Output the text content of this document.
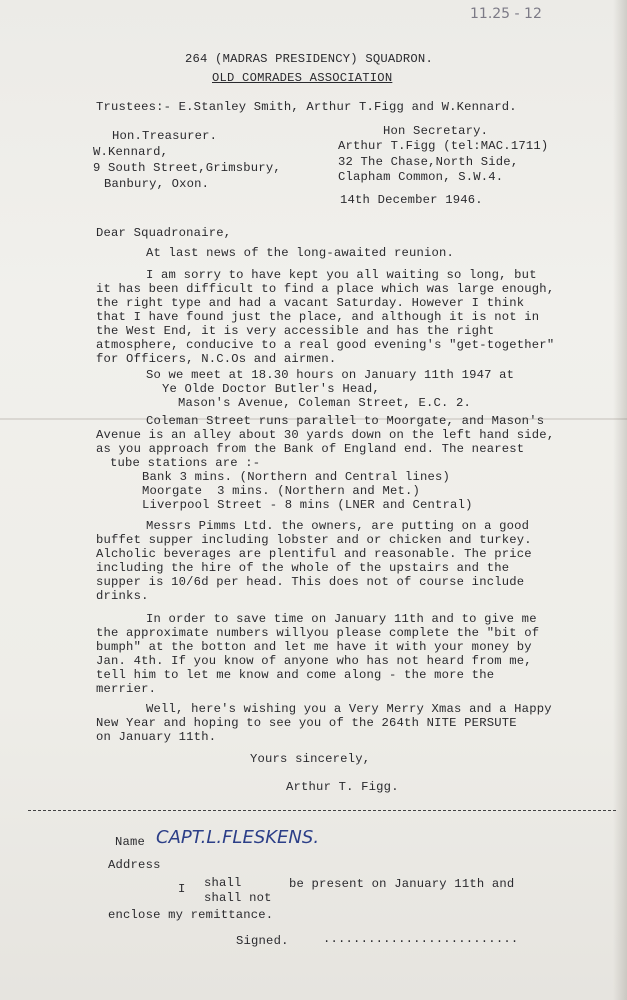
11.25 - 12
264 (MADRAS PRESIDENCY) SQUADRON.
OLD COMRADES ASSOCIATION
Trustees:- E.Stanley Smith, Arthur T.Figg and W.Kennard.
Hon.Treasurer.
W.Kennard,
9 South Street,Grimsbury,
Banbury, Oxon.
Hon Secretary.
Arthur T.Figg (tel:MAC.1711)
32 The Chase,North Side,
Clapham Common, S.W.4.
14th December 1946.
Dear Squadronaire,
At last news of the long-awaited reunion.
I am sorry to have kept you all waiting so long, but
it has been difficult to find a place which was large enough,
the right type and had a vacant Saturday. However I think
that I have found just the place, and although it is not in
the West End, it is very accessible and has the right
atmosphere, conducive to a real good evening's "get-together"
for Officers, N.C.Os and airmen.
So we meet at 18.30 hours on January 11th 1947 at
Ye Olde Doctor Butler's Head,
Mason's Avenue, Coleman Street, E.C. 2.
Coleman Street runs parallel to Moorgate, and Mason's
Avenue is an alley about 30 yards down on the left hand side,
as you approach from the Bank of England end. The nearest
tube stations are :-
Bank 3 mins. (Northern and Central lines)
Moorgate  3 mins. (Northern and Met.)
Liverpool Street - 8 mins (LNER and Central)
Messrs Pimms Ltd. the owners, are putting on a good
buffet supper including lobster and or chicken and turkey.
Alcholic beverages are plentiful and reasonable. The price
including the hire of the whole of the upstairs and the
supper is 10/6d per head. This does not of course include
drinks.
In order to save time on January 11th and to give me
the approximate numbers willyou please complete the "bit of
bumph" at the botton and let me have it with your money by
Jan. 4th. If you know of anyone who has not heard from me,
tell him to let me know and come along - the more the
merrier.
Well, here's wishing you a Very Merry Xmas and a Happy
New Year and hoping to see you of the 264th NITE PERSUTE
on January 11th.
Yours sincerely,
Arthur T. Figg.
Name CAPT.L.FLESKENS.
Address
I shall
shall not
be present on January 11th and
enclose my remittance.
Signed.	..........................
